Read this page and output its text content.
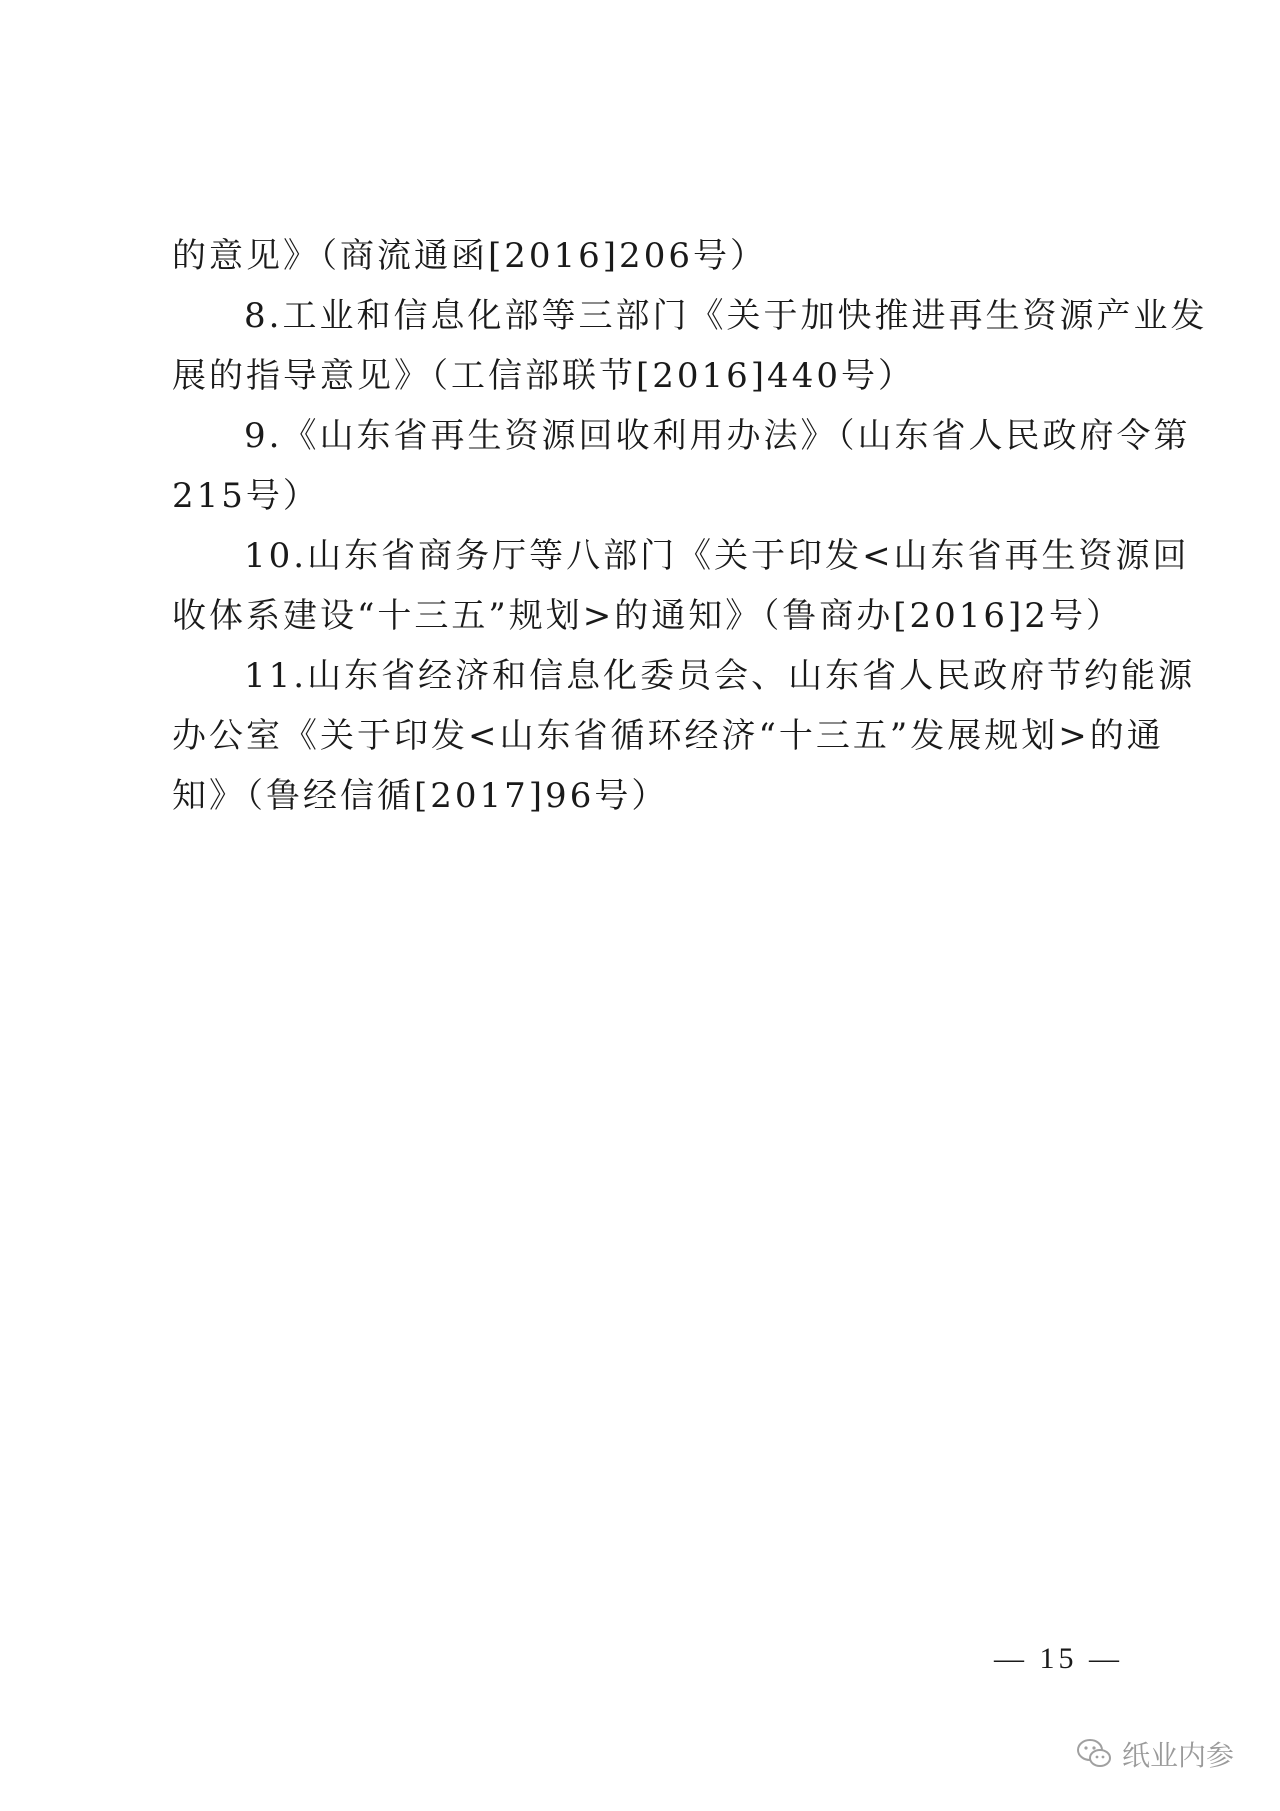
的意见》（商流通函[2016]206号）
8.工业和信息化部等三部门《关于加快推进再生资源产业发
展的指导意见》（工信部联节[2016]440号）
9.《山东省再生资源回收利用办法》（山东省人民政府令第
215号）
10.山东省商务厅等八部门《关于印发<山东省再生资源回
收体系建设“十三五”规划>的通知》（鲁商办[2016]2号）
11.山东省经济和信息化委员会、山东省人民政府节约能源
办公室《关于印发<山东省循环经济“十三五”发展规划>的通
知》（鲁经信循[2017]96号）
— 15 —
纸业内参
